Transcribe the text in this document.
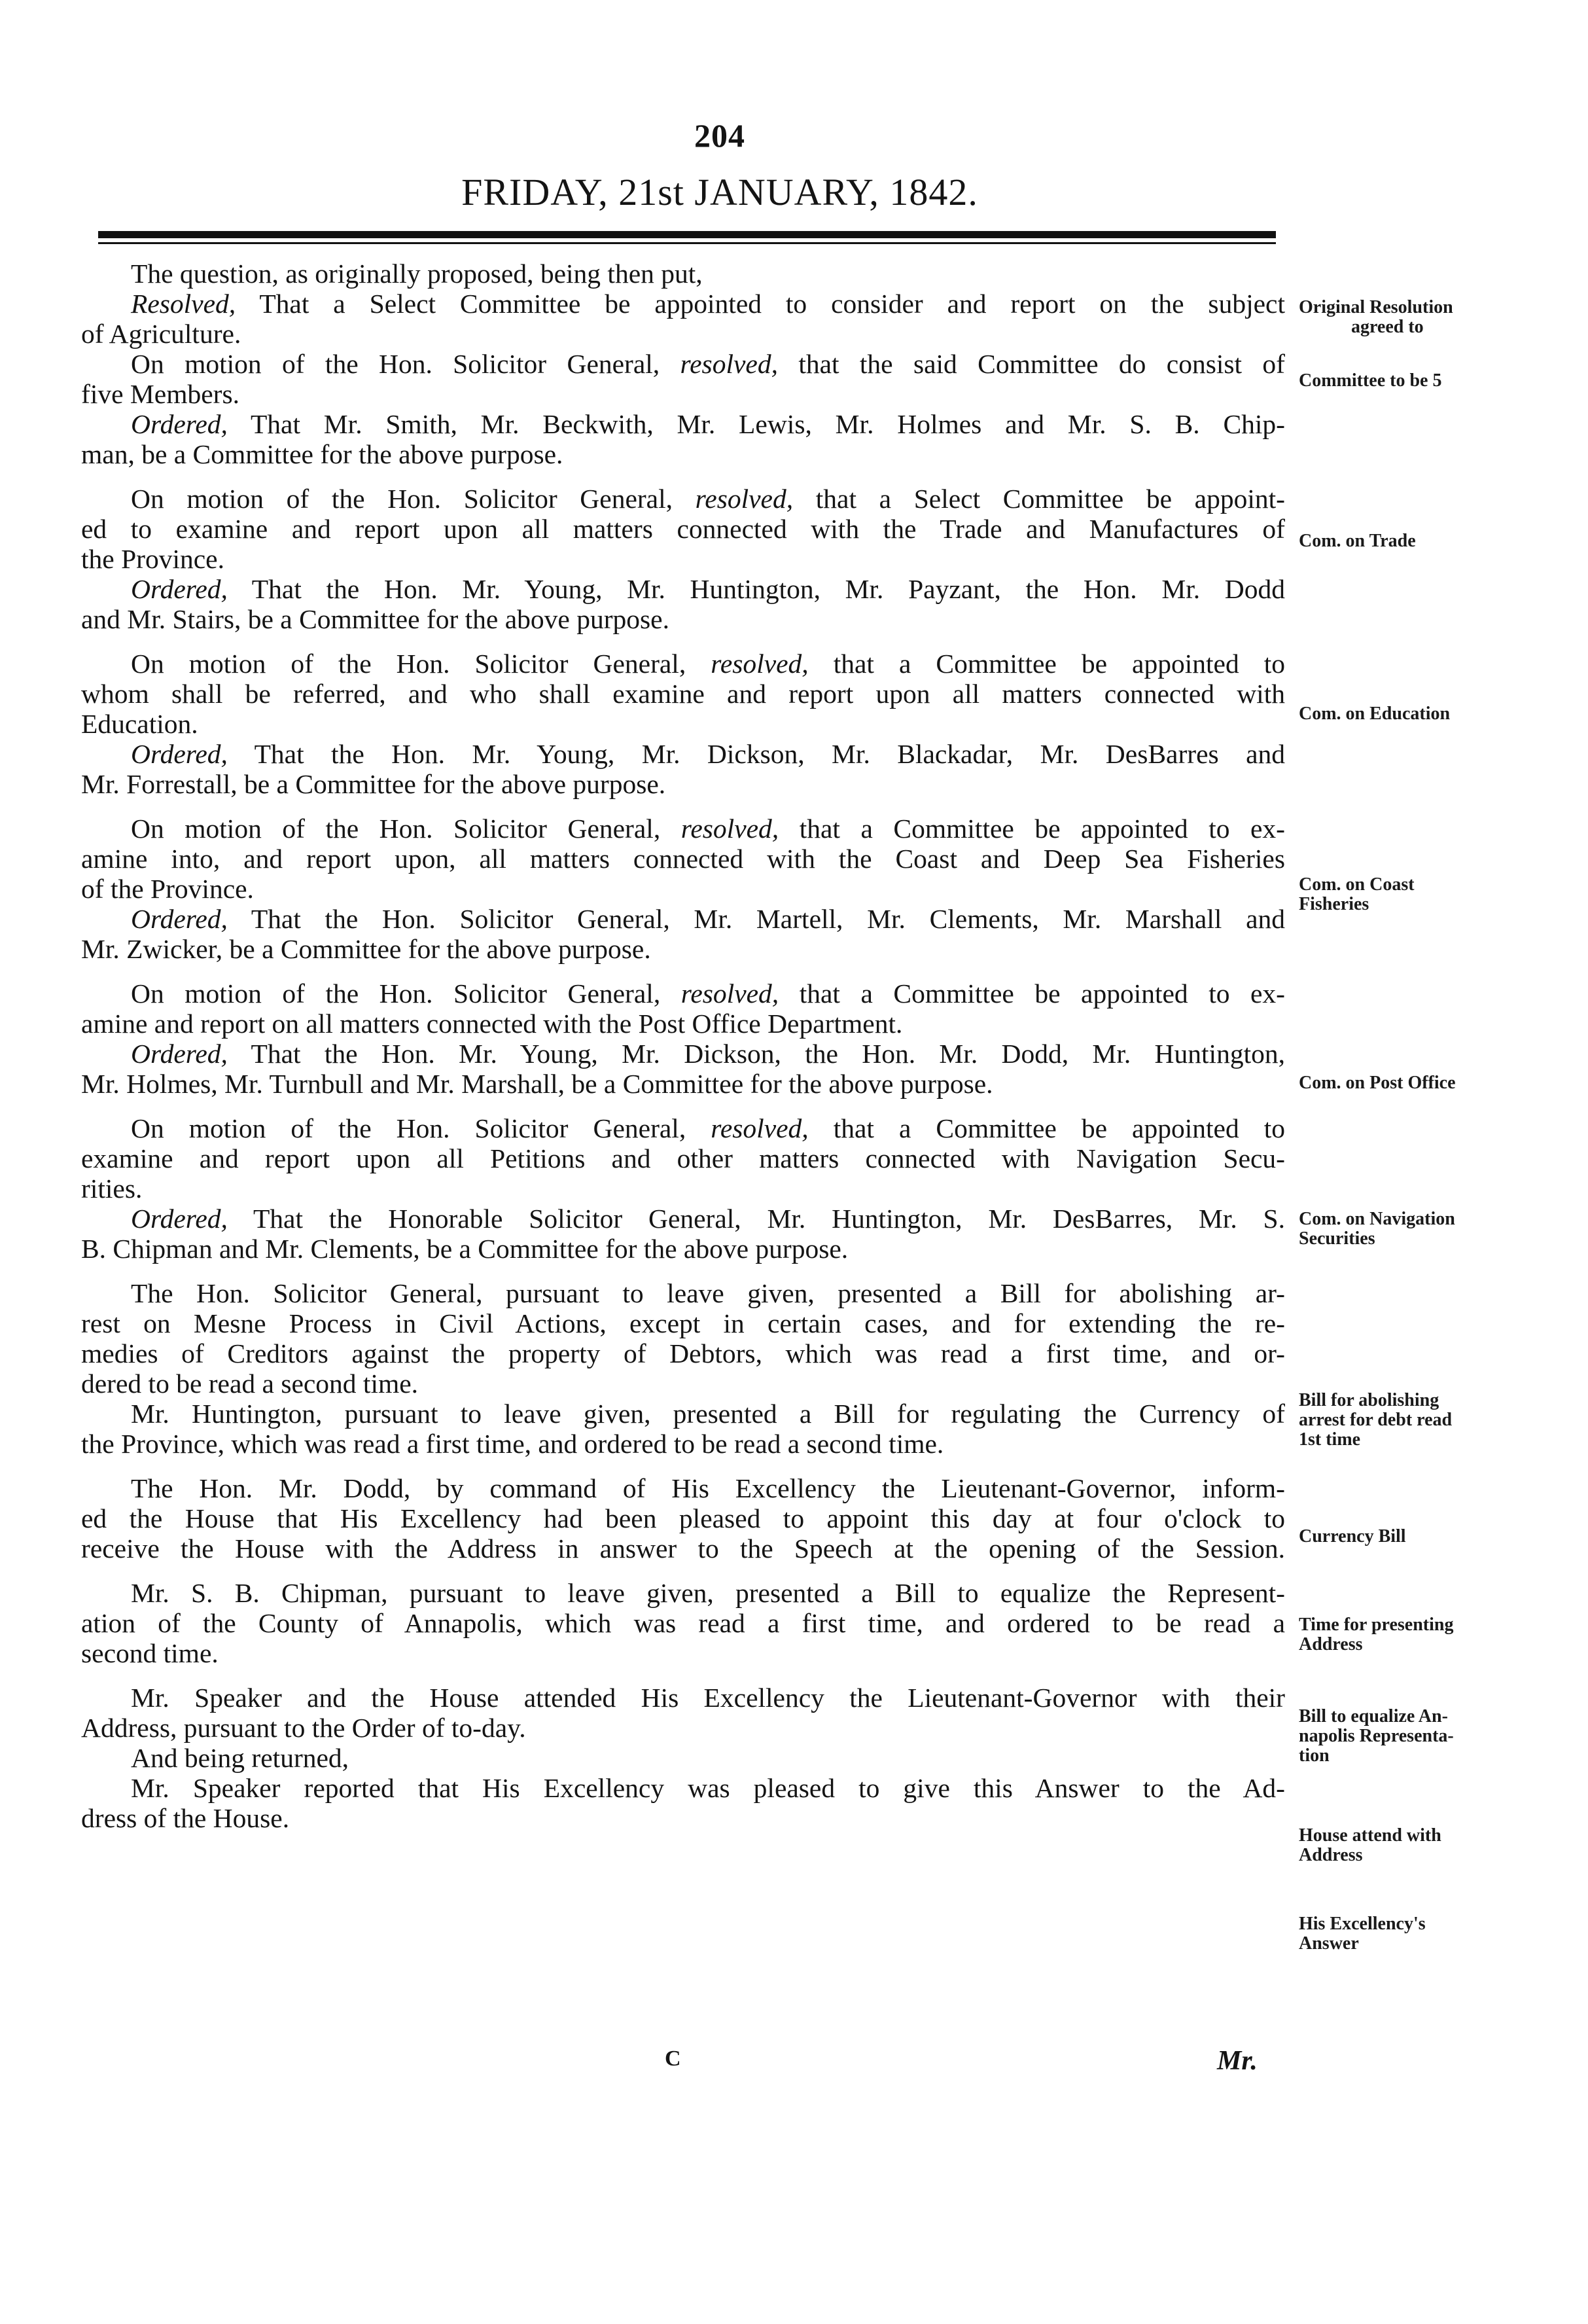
204
FRIDAY, 21st JANUARY, 1842.
The question, as originally proposed, being then put,
Resolved, That a Select Committee be appointed to consider and report on the subject
of Agriculture.
On motion of the Hon. Solicitor General, resolved, that the said Committee do consist of
five Members.
Ordered, That Mr. Smith, Mr. Beckwith, Mr. Lewis, Mr. Holmes and Mr. S. B. Chip-
man, be a Committee for the above purpose.
On motion of the Hon. Solicitor General, resolved, that a Select Committee be appoint-
ed to examine and report upon all matters connected with the Trade and Manufactures of
the Province.
Ordered, That the Hon. Mr. Young, Mr. Huntington, Mr. Payzant, the Hon. Mr. Dodd
and Mr. Stairs, be a Committee for the above purpose.
On motion of the Hon. Solicitor General, resolved, that a Committee be appointed to
whom shall be referred, and who shall examine and report upon all matters connected with
Education.
Ordered, That the Hon. Mr. Young, Mr. Dickson, Mr. Blackadar, Mr. DesBarres and
Mr. Forrestall, be a Committee for the above purpose.
On motion of the Hon. Solicitor General, resolved, that a Committee be appointed to ex-
amine into, and report upon, all matters connected with the Coast and Deep Sea Fisheries
of the Province.
Ordered, That the Hon. Solicitor General, Mr. Martell, Mr. Clements, Mr. Marshall and
Mr. Zwicker, be a Committee for the above purpose.
On motion of the Hon. Solicitor General, resolved, that a Committee be appointed to ex-
amine and report on all matters connected with the Post Office Department.
Ordered, That the Hon. Mr. Young, Mr. Dickson, the Hon. Mr. Dodd, Mr. Huntington,
Mr. Holmes, Mr. Turnbull and Mr. Marshall, be a Committee for the above purpose.
On motion of the Hon. Solicitor General, resolved, that a Committee be appointed to
examine and report upon all Petitions and other matters connected with Navigation Secu-
rities.
Ordered, That the Honorable Solicitor General, Mr. Huntington, Mr. DesBarres, Mr. S.
B. Chipman and Mr. Clements, be a Committee for the above purpose.
The Hon. Solicitor General, pursuant to leave given, presented a Bill for abolishing ar-
rest on Mesne Process in Civil Actions, except in certain cases, and for extending the re-
medies of Creditors against the property of Debtors, which was read a first time, and or-
dered to be read a second time.
Mr. Huntington, pursuant to leave given, presented a Bill for regulating the Currency of
the Province, which was read a first time, and ordered to be read a second time.
The Hon. Mr. Dodd, by command of His Excellency the Lieutenant-Governor, inform-
ed the House that His Excellency had been pleased to appoint this day at four o'clock to
receive the House with the Address in answer to the Speech at the opening of the Session.
Mr. S. B. Chipman, pursuant to leave given, presented a Bill to equalize the Represent-
ation of the County of Annapolis, which was read a first time, and ordered to be read a
second time.
Mr. Speaker and the House attended His Excellency the Lieutenant-Governor with their
Address, pursuant to the Order of to-day.
And being returned,
Mr. Speaker reported that His Excellency was pleased to give this Answer to the Ad-
dress of the House.
Original Resolution
agreed to
Committee to be 5
Com. on Trade
Com. on Education
Com. on Coast
Fisheries
Com. on Post Office
Com. on Navigation
Securities
Bill for abolishing
arrest for debt read
1st time
Currency Bill
Time for presenting
Address
Bill to equalize An-
napolis Representa-
tion
House attend with
Address
His Excellency's
Answer
C	Mr.
